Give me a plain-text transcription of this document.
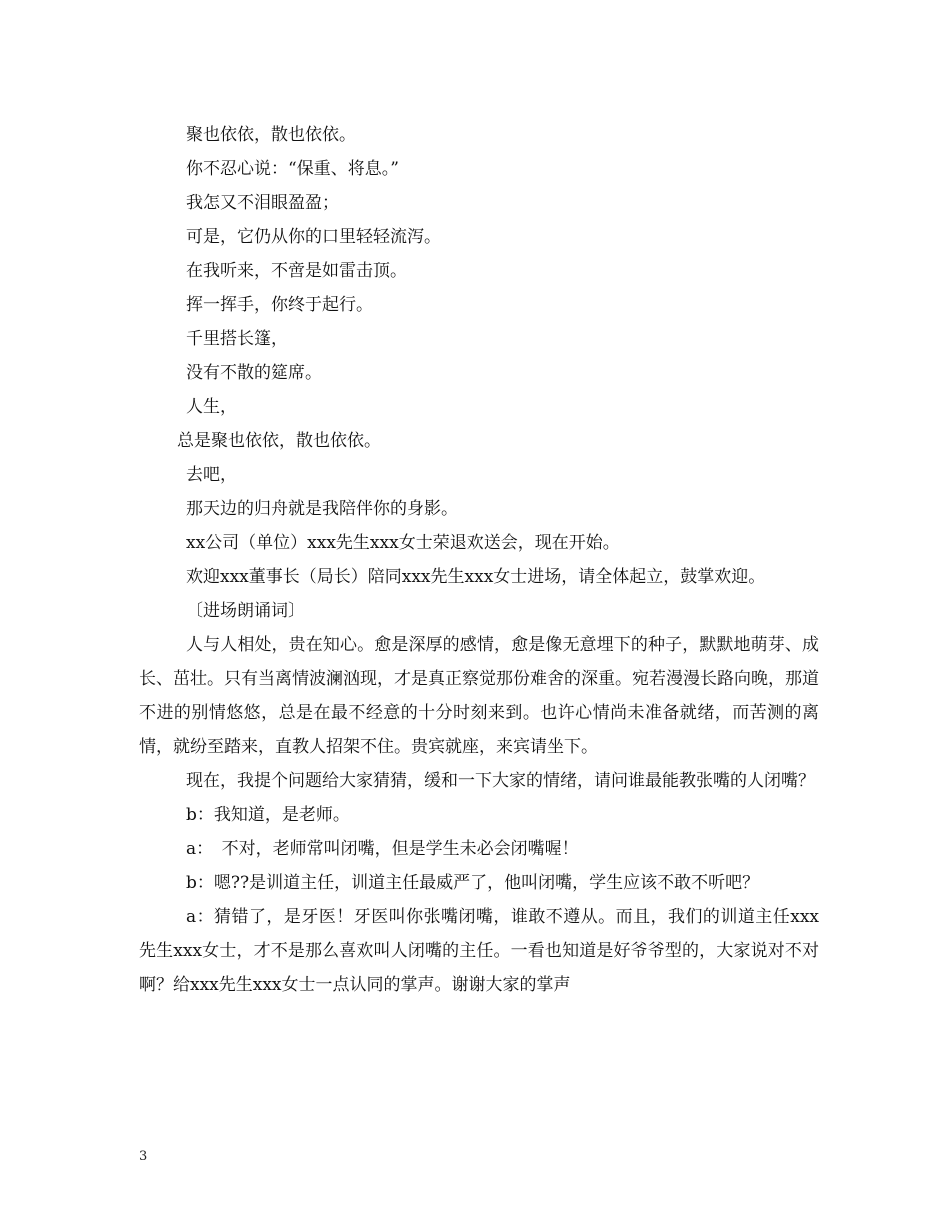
聚也依依，散也依依。

你不忍心说：“保重、将息。”

我怎又不泪眼盈盈；

可是，它仍从你的口里轻轻流泻。

在我听来，不啻是如雷击顶。

挥一挥手，你终于起行。

千里搭长篷，

没有不散的筵席。

人生，

总是聚也依依，散也依依。

去吧，

那天边的归舟就是我陪伴你的身影。

xx公司（单位）xxx先生xxx女士荣退欢送会，现在开始。

欢迎xxx董事长（局长）陪同xxx先生xxx女士进场，请全体起立，鼓掌欢迎。

〔进场朗诵词〕

人与人相处，贵在知心。愈是深厚的感情，愈是像无意埋下的种子，默默地萌芽、成长、茁壮。只有当离情波澜汹现，才是真正察觉那份难舍的深重。宛若漫漫长路向晚，那道不进的别情悠悠，总是在最不经意的十分时刻来到。也许心情尚未准备就绪，而苦测的离情，就纷至踏来，直教人招架不住。贵宾就座，来宾请坐下。

现在，我提个问题给大家猜猜，缓和一下大家的情绪，请问谁最能教张嘴的人闭嘴？

b：我知道，是老师。

a：　不对，老师常叫闭嘴，但是学生未必会闭嘴喔！

b：嗯??是训道主任，训道主任最威严了，他叫闭嘴，学生应该不敢不听吧？

a：猜错了，是牙医！牙医叫你张嘴闭嘴，谁敢不遵从。而且，我们的训道主任xxx先生xxx女士，才不是那么喜欢叫人闭嘴的主任。一看也知道是好爷爷型的，大家说对不对啊？给xxx先生xxx女士一点认同的掌声。谢谢大家的掌声

3
